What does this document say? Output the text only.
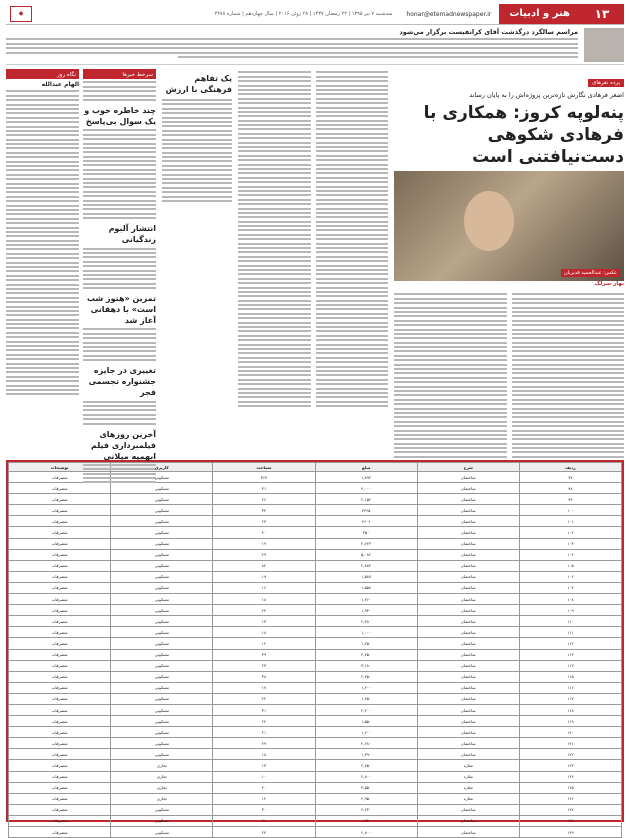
۱۳
هنر و ادبیات
honar@etemadnewspaper.ir
سه‌شنبه ۷ تیر ۱۳۹۵ | ۲۲ رمضان ۱۴۳۷ | ۲۸ ژوئن ۲۰۱۶ | سال چهاردهم | شماره ۳۶۷۸
◆
مراسم سالگرد درگذشت آقای کرانفیست برگزار می‌شود
پرده نقرهای
اصغر فرهادی نگارش تازه‌ترین پروژه‌اش را به پایان رساند
پنه‌لوپه کروز: همکاری با فرهادی شکوهی دست‌نیافتنی است
عکس: عبدالحمید قدیریان
بهار سرلک
یک تفاهم فرهنگی با ارزش
سرخط خبرها
چند خاطره خوب و یک سوال بی‌پاسخ
انتشار آلبوم زندگیانی
تمرین «هنوز شب است» با دهقانی آغاز شد
تغییری در جایزه جشنواره تجسمی فجر
آخرین روزهای فیلمبرداری فیلم ابهمیه میلانی
نگاه روز
الهام عبدالله
ردیف	شرح	مبلغ	مساحت	کاربری	توضیحات
۹۷	ساختمان	۱,۸۹۲	۳۶۷	مسکونی	متصرفات
۹۸	ساختمان	۴,۰۰۰	۳۱	مسکونی	متصرفات
۹۹	ساختمان	۲,۱۵۲	۲۶	مسکونی	متصرفات
۱۰۰	ساختمان	۴۴۶۵	۳۴	مسکونی	متصرفات
۱۰۱	ساختمان	۲۶۰۶	۲۳	مسکونی	متصرفات
۱۰۲	ساختمان	۴۵۰	۴۰	مسکونی	متصرفات
۱۰۳	ساختمان	۲,۶۲۳	۱۹	مسکونی	متصرفات
۱۰۴	ساختمان	۵,۰۸۲	۲۹	مسکونی	متصرفات
۱۰۵	ساختمان	۲,۸۸۲	۸۲	مسکونی	متصرفات
۱۰۶	ساختمان	۱,۵۸۷	۱۹	مسکونی	متصرفات
۱۰۷	ساختمان	۱,۵۵۸	۱۶	مسکونی	متصرفات
۱۰۸	ساختمان	۱,۲۶۰	۱۸	مسکونی	متصرفات
۱۰۹	ساختمان	۱,۹۳۰	۲۴	مسکونی	متصرفات
۱۱۰	ساختمان	۲,۲۸۰	۱۳	مسکونی	متصرفات
۱۱۱	ساختمان	۱,۰۰۰	۱۸	مسکونی	متصرفات
۱۱۲	ساختمان	۱,۲۵۰	۱۲	مسکونی	متصرفات
۱۱۳	ساختمان	۴,۷۵۰	۳۹	مسکونی	متصرفات
۱۱۴	ساختمان	۳,۱۸۰	۲۳	مسکونی	متصرفات
۱۱۵	ساختمان	۲,۷۵۰	۳۸	مسکونی	متصرفات
۱۱۶	ساختمان	۱,۲۰۰	۱۷	مسکونی	متصرفات
۱۱۷	ساختمان	۱,۴۵۰	۲۲	مسکونی	متصرفات
۱۱۸	ساختمان	۲,۴۰۰	۳۱	مسکونی	متصرفات
۱۱۹	ساختمان	۱,۵۵۰	۲۴	مسکونی	متصرفات
۱۲۰	ساختمان	۱,۶۰۰	۲۱	مسکونی	متصرفات
۱۲۱	ساختمان	۲,۲۸۰	۲۹	مسکونی	متصرفات
۱۲۲	ساختمان	۱,۳۹۰	۱۸	مسکونی	متصرفات
۱۲۳	مغازه	۲,۷۵۰	۱۳	تجاری	متصرفات
۱۲۴	مغازه	۲,۸۰۰	۱۰	تجاری	متصرفات
۱۲۵	مغازه	۳,۵۵۰	۴۰	تجاری	متصرفات
۱۲۶	مغازه	۲,۹۵۰	۱۲	تجاری	متصرفات
۱۲۷	ساختمان	۲,۲۳۰	۳۰	مسکونی	متصرفات
۱۲۸	ساختمان	۱,۴۵۰	۲۱	مسکونی	متصرفات
۱۲۹	ساختمان	۲,۸۰۰	۲۴	مسکونی	متصرفات
